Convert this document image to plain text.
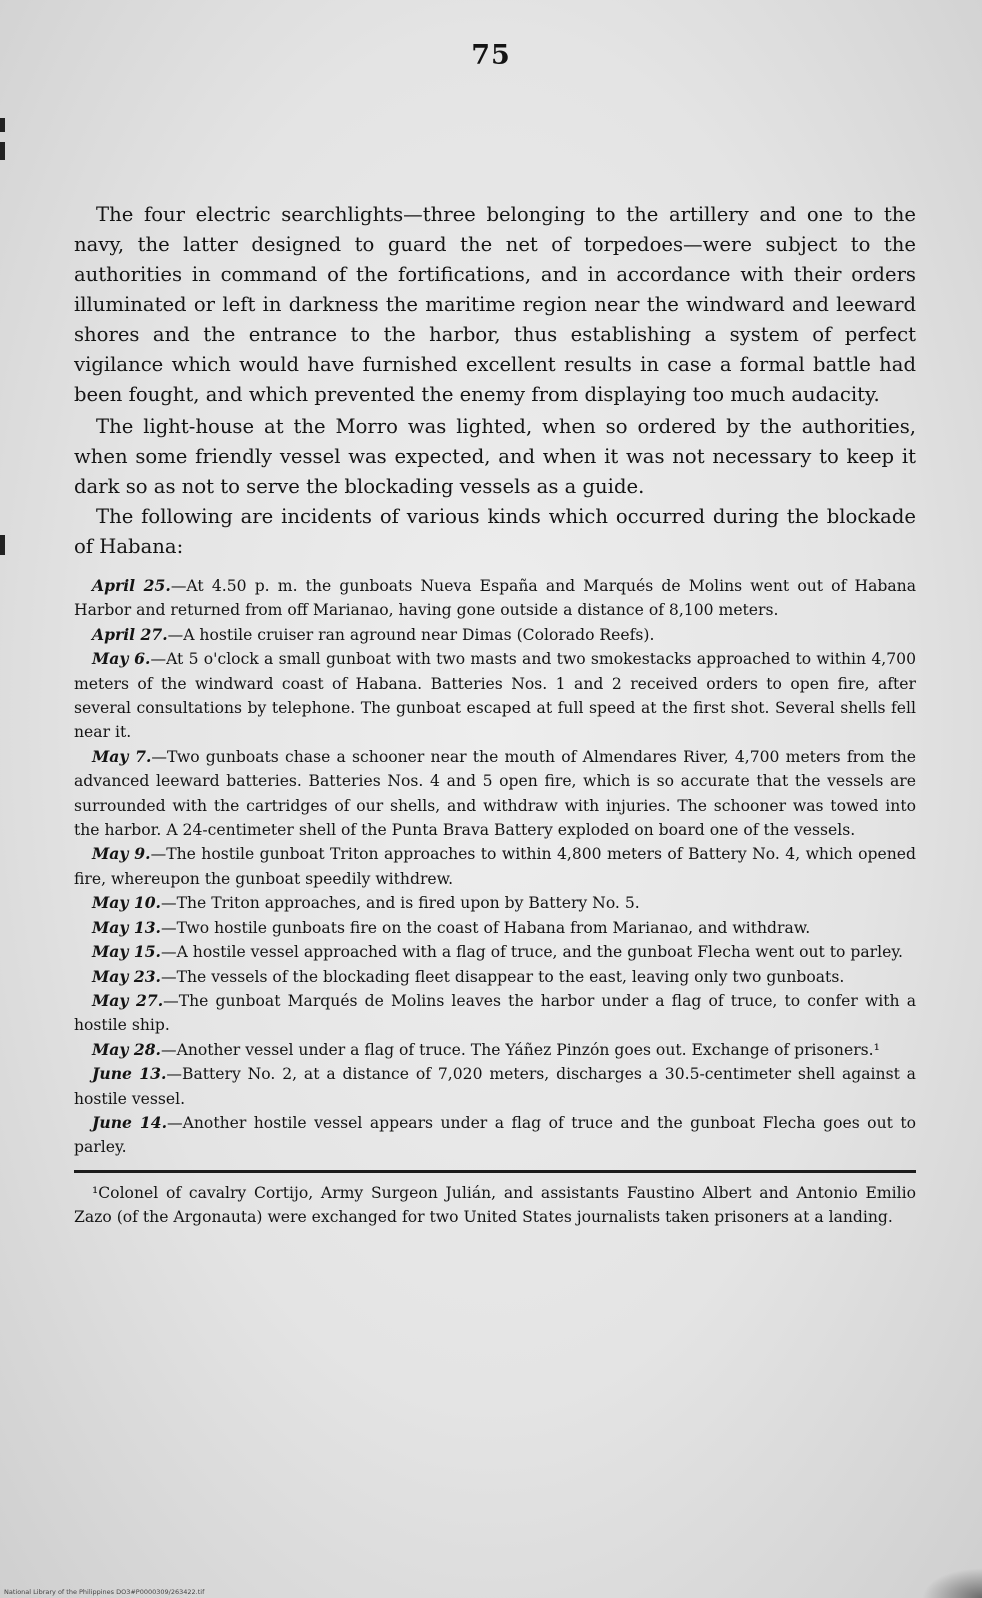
75

The four electric searchlights—three belonging to the artillery and one to the navy, the latter designed to guard the net of torpedoes—were subject to the authorities in command of the fortifications, and in accordance with their orders illuminated or left in darkness the maritime region near the windward and leeward shores and the entrance to the harbor, thus establishing a system of perfect vigilance which would have furnished excellent results in case a formal battle had been fought, and which prevented the enemy from displaying too much audacity.

The light-house at the Morro was lighted, when so ordered by the authorities, when some friendly vessel was expected, and when it was not necessary to keep it dark so as not to serve the blockading vessels as a guide.

The following are incidents of various kinds which occurred during the blockade of Habana:

April 25.—At 4.50 p. m. the gunboats Nueva España and Marqués de Molins went out of Habana Harbor and returned from off Marianao, having gone outside a distance of 8,100 meters.

April 27.—A hostile cruiser ran aground near Dimas (Colorado Reefs).

May 6.—At 5 o'clock a small gunboat with two masts and two smokestacks approached to within 4,700 meters of the windward coast of Habana. Batteries Nos. 1 and 2 received orders to open fire, after several consultations by telephone. The gunboat escaped at full speed at the first shot. Several shells fell near it.

May 7.—Two gunboats chase a schooner near the mouth of Almendares River, 4,700 meters from the advanced leeward batteries. Batteries Nos. 4 and 5 open fire, which is so accurate that the vessels are surrounded with the cartridges of our shells, and withdraw with injuries. The schooner was towed into the harbor. A 24-centimeter shell of the Punta Brava Battery exploded on board one of the vessels.

May 9.—The hostile gunboat Triton approaches to within 4,800 meters of Battery No. 4, which opened fire, whereupon the gunboat speedily withdrew.

May 10.—The Triton approaches, and is fired upon by Battery No. 5.

May 13.—Two hostile gunboats fire on the coast of Habana from Marianao, and withdraw.

May 15.—A hostile vessel approached with a flag of truce, and the gunboat Flecha went out to parley.

May 23.—The vessels of the blockading fleet disappear to the east, leaving only two gunboats.

May 27.—The gunboat Marqués de Molins leaves the harbor under a flag of truce, to confer with a hostile ship.

May 28.—Another vessel under a flag of truce. The Yáñez Pinzón goes out. Exchange of prisoners.¹

June 13.—Battery No. 2, at a distance of 7,020 meters, discharges a 30.5-centimeter shell against a hostile vessel.

June 14.—Another hostile vessel appears under a flag of truce and the gunboat Flecha goes out to parley.

¹Colonel of cavalry Cortijo, Army Surgeon Julián, and assistants Faustino Albert and Antonio Emilio Zazo (of the Argonauta) were exchanged for two United States journalists taken prisoners at a landing.

National Library of the Philippines DO3#P0000309/263422.tif
